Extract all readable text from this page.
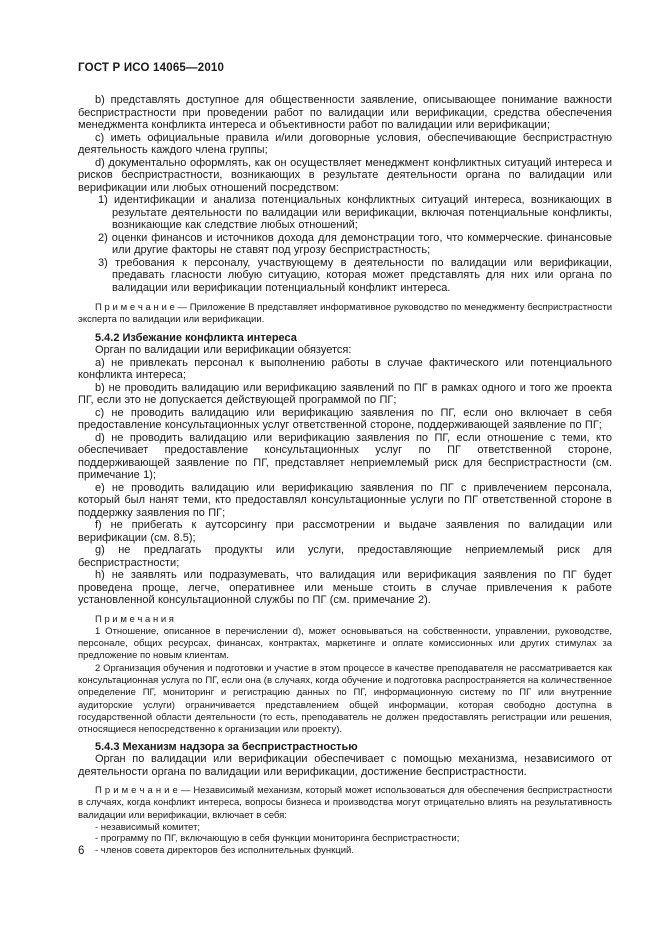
ГОСТ Р ИСО 14065—2010

b) представлять доступное для общественности заявление, описывающее понимание важности беспристрастности при проведении работ по валидации или верификации, средства обеспечения менеджмента конфликта интереса и объективности работ по валидации или верификации;

c) иметь официальные правила и/или договорные условия, обеспечивающие беспристрастную деятельность каждого члена группы;

d) документально оформлять, как он осуществляет менеджмент конфликтных ситуаций интереса и рисков беспристрастности, возникающих в результате деятельности органа по валидации или верификации или любых отношений посредством:

1) идентификации и анализа потенциальных конфликтных ситуаций интереса, возникающих в результате деятельности по валидации или верификации, включая потенциальные конфликты, возникающие как следствие любых отношений;

2) оценки финансов и источников дохода для демонстрации того, что коммерческие. финансовые или другие факторы не ставят под угрозу беспристрастность;

3) требования к персоналу, участвующему в деятельности по валидации или верификации, предавать гласности любую ситуацию, которая может представлять для них или органа по валидации или верификации потенциальный конфликт интереса.

П р и м е ч а н и е — Приложение В представляет информативное руководство по менеджменту беспристрастности эксперта по валидации или верификации.

5.4.2 Избежание конфликта интереса

Орган по валидации или верификации обязуется:

a) не привлекать персонал к выполнению работы в случае фактического или потенциального конфликта интереса;

b) не проводить валидацию или верификацию заявлений по ПГ в рамках одного и того же проекта ПГ, если это не допускается действующей программой по ПГ;

c) не проводить валидацию или верификацию заявления по ПГ, если оно включает в себя предоставление консультационных услуг ответственной стороне, поддерживающей заявление по ПГ;

d) не проводить валидацию или верификацию заявления по ПГ, если отношение с теми, кто обеспечивает предоставление консультационных услуг по ПГ ответственной стороне, поддерживающей заявление по ПГ, представляет неприемлемый риск для беспристрастности (см. примечание 1);

e) не проводить валидацию или верификацию заявления по ПГ с привлечением персонала, который был нанят теми, кто предоставлял консультационные услуги по ПГ ответственной стороне в поддержку заявления по ПГ;

f) не прибегать к аутсорсингу при рассмотрении и выдаче заявления по валидации или верификации (см. 8.5);

g) не предлагать продукты или услуги, предоставляющие неприемлемый риск для беспристрастности;

h) не заявлять или подразумевать, что валидация или верификация заявления по ПГ будет проведена проще, легче, оперативнее или меньше стоить в случае привлечения к работе установленной консультационной службы по ПГ (см. примечание 2).

П р и м е ч а н и я

1 Отношение, описанное в перечислении d), может основываться на собственности, управлении, руководстве, персонале, общих ресурсах, финансах, контрактах, маркетинге и оплате комиссионных или других стимулах за предложение по новым клиентам.

2 Организация обучения и подготовки и участие в этом процессе в качестве преподавателя не рассматривается как консультационная услуга по ПГ, если она (в случаях, когда обучение и подготовка распространяется на количественное определение ПГ, мониторинг и регистрацию данных по ПГ, информационную систему по ПГ или внутренние аудиторские услуги) ограничивается представлением общей информации, которая свободно доступна в государственной области деятельности (то есть, преподаватель не должен предоставлять регистрации или решения, относящиеся непосредственно к организации или проекту).

5.4.3 Механизм надзора за беспристрастностью

Орган по валидации или верификации обеспечивает с помощью механизма, независимого от деятельности органа по валидации или верификации, достижение беспристрастности.

П р и м е ч а н и е — Независимый механизм, который может использоваться для обеспечения беспристрастности в случаях, когда конфликт интереса, вопросы бизнеса и производства могут отрицательно влиять на результативность валидации или верификации, включает в себя:

- независимый комитет;

- программу по ПГ, включающую в себя функции мониторинга беспристрастности;

- членов совета директоров без исполнительных функций.

6
